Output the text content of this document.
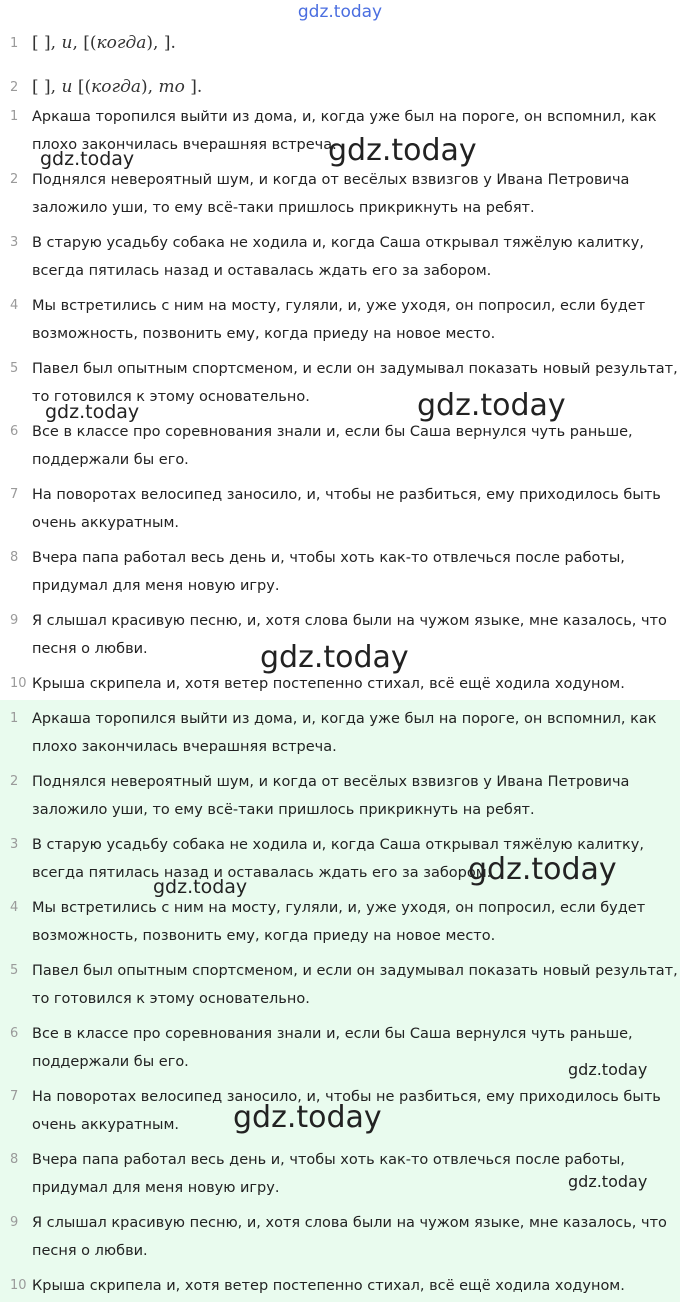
gdz.today
1 [ ], и, [(когда), ].
2 [ ], и [(когда), то ].
1 Аркаша торопился выйти из дома, и, когда уже был на пороге, он вспомнил, как плохо закончилась вчерашняя встреча.
2 Поднялся невероятный шум, и когда от весёлых взвизгов у Ивана Петровича заложило уши, то ему всё-таки пришлось прикрикнуть на ребят.
3 В старую усадьбу собака не ходила и, когда Саша открывал тяжёлую калитку, всегда пятилась назад и оставалась ждать его за забором.
4 Мы встретились с ним на мосту, гуляли, и, уже уходя, он попросил, если будет возможность, позвонить ему, когда приеду на новое место.
5 Павел был опытным спортсменом, и если он задумывал показать новый результат, то готовился к этому основательно.
6 Все в классе про соревнования знали и, если бы Саша вернулся чуть раньше, поддержали бы его.
7 На поворотах велосипед заносило, и, чтобы не разбиться, ему приходилось быть очень аккуратным.
8 Вчера папа работал весь день и, чтобы хоть как-то отвлечься после работы, придумал для меня новую игру.
9 Я слышал красивую песню, и, хотя слова были на чужом языке, мне казалось, что песня о любви.
10 Крыша скрипела и, хотя ветер постепенно стихал, всё ещё ходила ходуном.
1 Аркаша торопился выйти из дома, и, когда уже был на пороге, он вспомнил, как плохо закончилась вчерашняя встреча.
2 Поднялся невероятный шум, и когда от весёлых взвизгов у Ивана Петровича заложило уши, то ему всё-таки пришлось прикрикнуть на ребят.
3 В старую усадьбу собака не ходила и, когда Саша открывал тяжёлую калитку, всегда пятилась назад и оставалась ждать его за забором.
4 Мы встретились с ним на мосту, гуляли, и, уже уходя, он попросил, если будет возможность, позвонить ему, когда приеду на новое место.
5 Павел был опытным спортсменом, и если он задумывал показать новый результат, то готовился к этому основательно.
6 Все в классе про соревнования знали и, если бы Саша вернулся чуть раньше, поддержали бы его.
7 На поворотах велосипед заносило, и, чтобы не разбиться, ему приходилось быть очень аккуратным.
8 Вчера папа работал весь день и, чтобы хоть как-то отвлечься после работы, придумал для меня новую игру.
9 Я слышал красивую песню, и, хотя слова были на чужом языке, мне казалось, что песня о любви.
10 Крыша скрипела и, хотя ветер постепенно стихал, всё ещё ходила ходуном.
gdz.today
gdz.today
gdz.today
gdz.today
gdz.today
gdz.today
gdz.today
gdz.today
gdz.today
gdz.today
